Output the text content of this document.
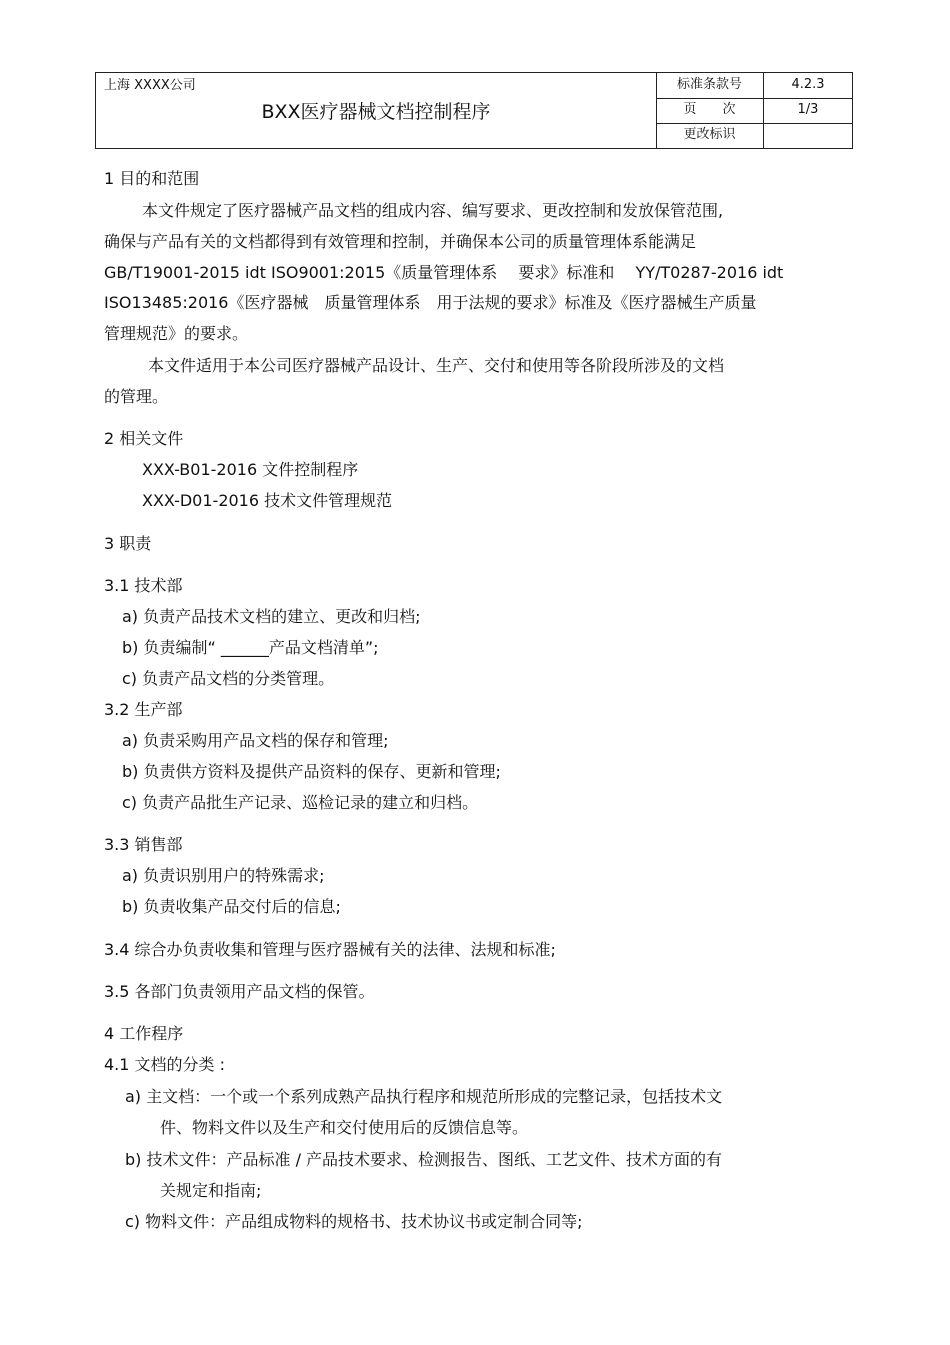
上海 XXXX公司
BXX医疗器械文档控制程序
标准条款号	4.2.3
页　　次	1/3
更改标识
1 目的和范围
本文件规定了医疗器械产品文档的组成内容、编写要求、更改控制和发放保管范围,
确保与产品有关的文档都得到有效管理和控制，并确保本公司的质量管理体系能满足
GB/T19001-2015 idt ISO9001:2015《质量管理体系　 要求》标准和　 YY/T0287-2016 idt
ISO13485:2016《医疗器械　质量管理体系　用于法规的要求》标准及《医疗器械生产质量
管理规范》的要求。
本文件适用于本公司医疗器械产品设计、生产、交付和使用等各阶段所涉及的文档
的管理。
2 相关文件
XXX-B01-2016 文件控制程序
XXX-D01-2016 技术文件管理规范
3 职责
3.1 技术部
a) 负责产品技术文档的建立、更改和归档;
b) 负责编制“ ______产品文档清单”;
c) 负责产品文档的分类管理。
3.2 生产部
a) 负责采购用产品文档的保存和管理;
b) 负责供方资料及提供产品资料的保存、更新和管理;
c) 负责产品批生产记录、巡检记录的建立和归档。
3.3 销售部
a) 负责识别用户的特殊需求;
b) 负责收集产品交付后的信息;
3.4 综合办负责收集和管理与医疗器械有关的法律、法规和标准;
3.5 各部门负责领用产品文档的保管。
4 工作程序
4.1 文档的分类 :
a) 主文档：一个或一个系列成熟产品执行程序和规范所形成的完整记录，包括技术文
件、物料文件以及生产和交付使用后的反馈信息等。
b) 技术文件：产品标准 / 产品技术要求、检测报告、图纸、工艺文件、技术方面的有
关规定和指南;
c) 物料文件：产品组成物料的规格书、技术协议书或定制合同等;
